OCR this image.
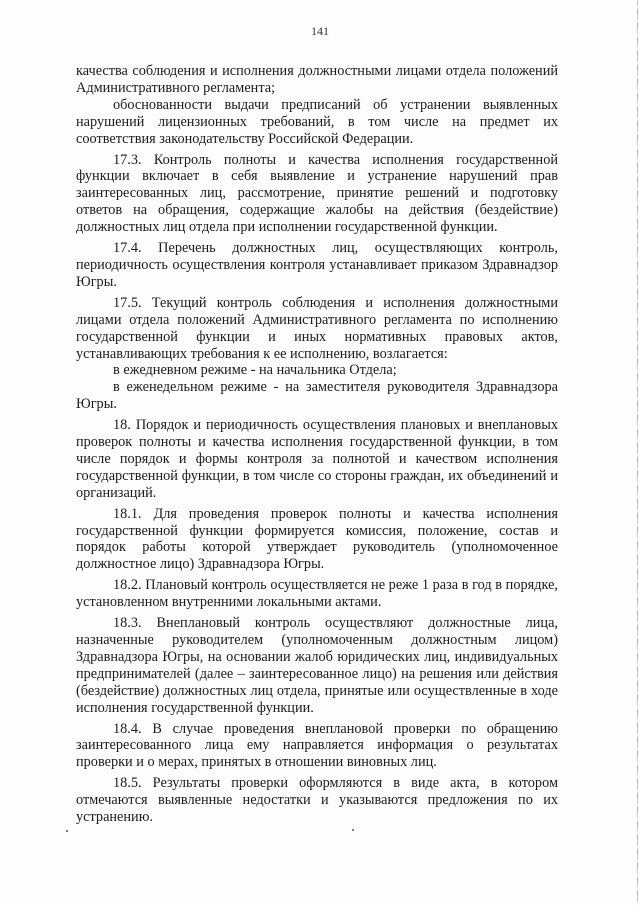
141

качества соблюдения и исполнения должностными лицами отдела положений Административного регламента;

обоснованности выдачи предписаний об устранении выявленных нарушений лицензионных требований, в том числе на предмет их соответствия законодательству Российской Федерации.

17.3. Контроль полноты и качества исполнения государственной функции включает в себя выявление и устранение нарушений прав заинтересованных лиц, рассмотрение, принятие решений и подготовку ответов на обращения, содержащие жалобы на действия (бездействие) должностных лиц отдела при исполнении государственной функции.

17.4. Перечень должностных лиц, осуществляющих контроль, периодичность осуществления контроля устанавливает приказом Здравнадзор Югры.

17.5. Текущий контроль соблюдения и исполнения должностными лицами отдела положений Административного регламента по исполнению государственной функции и иных нормативных правовых актов, устанавливающих требования к ее исполнению, возлагается:

в ежедневном режиме - на начальника Отдела;

в еженедельном режиме - на заместителя руководителя Здравнадзора Югры.

18. Порядок и периодичность осуществления плановых и внеплановых проверок полноты и качества исполнения государственной функции, в том числе порядок и формы контроля за полнотой и качеством исполнения государственной функции, в том числе со стороны граждан, их объединений и организаций.

18.1. Для проведения проверок полноты и качества исполнения государственной функции формируется комиссия, положение, состав и порядок работы которой утверждает руководитель (уполномоченное должностное лицо) Здравнадзора Югры.

18.2. Плановый контроль осуществляется не реже 1 раза в год в порядке, установленном внутренними локальными актами.

18.3. Внеплановый контроль осуществляют должностные лица, назначенные руководителем (уполномоченным должностным лицом) Здравнадзора Югры, на основании жалоб юридических лиц, индивидуальных предпринимателей (далее – заинтересованное лицо) на решения или действия (бездействие) должностных лиц отдела, принятые или осуществленные в ходе исполнения государственной функции.

18.4. В случае проведения внеплановой проверки по обращению заинтересованного лица ему направляется информация о результатах проверки и о мерах, принятых в отношении виновных лиц.

18.5. Результаты проверки оформляются в виде акта, в котором отмечаются выявленные недостатки и указываются предложения по их устранению.
